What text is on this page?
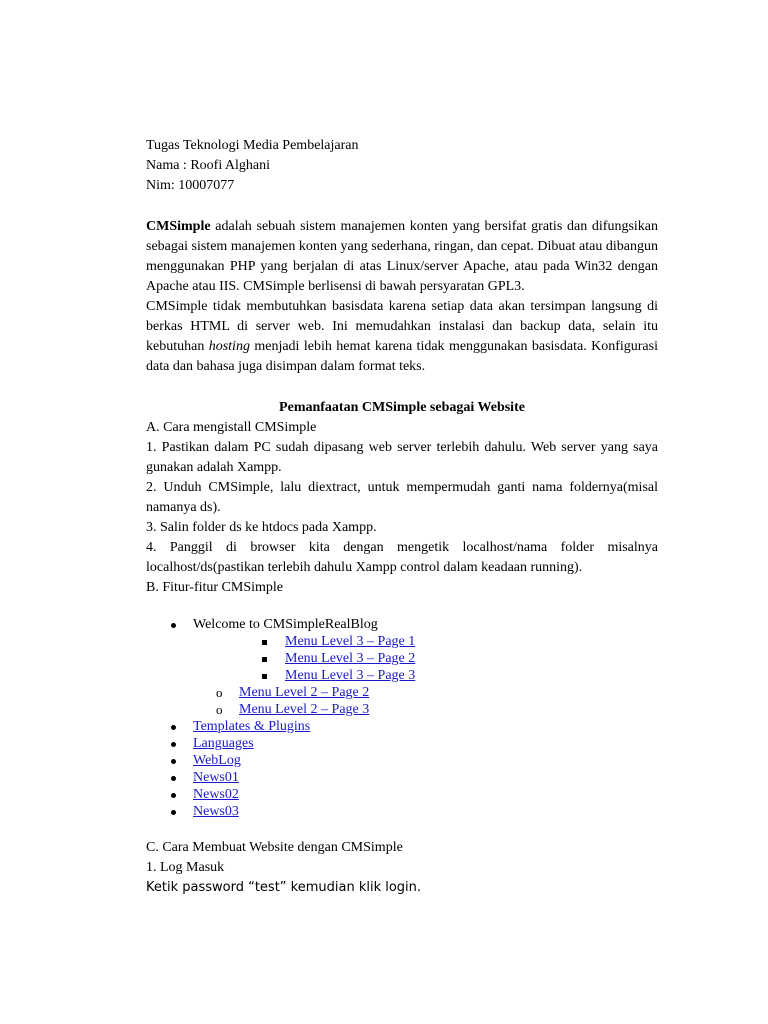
Tugas Teknologi Media Pembelajaran

Nama : Roofi Alghani

Nim: 10007077

CMSimple adalah sebuah sistem manajemen konten yang bersifat gratis dan difungsikan sebagai sistem manajemen konten yang sederhana, ringan, dan cepat. Dibuat atau dibangun menggunakan PHP yang berjalan di atas Linux/server Apache, atau pada Win32 dengan Apache atau IIS. CMSimple berlisensi di bawah persyaratan GPL3.

CMSimple tidak membutuhkan basisdata karena setiap data akan tersimpan langsung di berkas HTML di server web. Ini memudahkan instalasi dan backup data, selain itu kebutuhan hosting menjadi lebih hemat karena tidak menggunakan basisdata. Konfigurasi data dan bahasa juga disimpan dalam format teks.

Pemanfaatan CMSimple sebagai Website

A. Cara mengistall CMSimple

1. Pastikan dalam PC sudah dipasang web server terlebih dahulu. Web server yang saya gunakan adalah Xampp.

2. Unduh CMSimple, lalu diextract, untuk mempermudah ganti nama foldernya(misal namanya ds).

3. Salin folder ds ke htdocs pada Xampp.

4. Panggil di browser kita dengan mengetik localhost/nama folder misalnya localhost/ds(pastikan terlebih dahulu Xampp control dalam keadaan running).

B. Fitur-fitur CMSimple

Welcome to CMSimpleRealBlog
Menu Level 3 – Page 1
Menu Level 3 – Page 2
Menu Level 3 – Page 3
o Menu Level 2 – Page 2
o Menu Level 2 – Page 3
Templates & Plugins
Languages
WebLog
News01
News02
News03

C. Cara Membuat Website dengan CMSimple

1. Log Masuk

Ketik password “test” kemudian klik login.
